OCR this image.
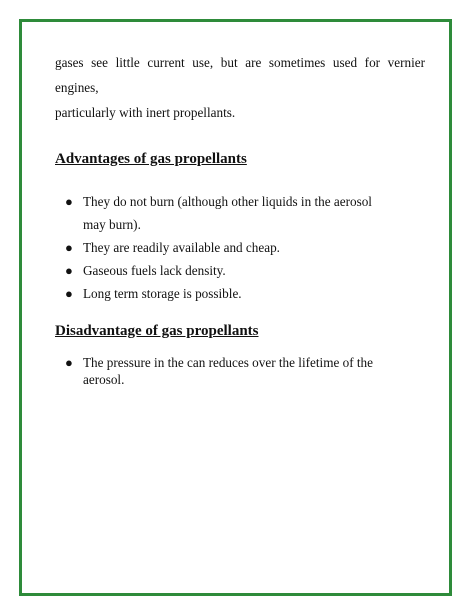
gases see little current use, but are sometimes used for vernier engines,
particularly with inert propellants.

Advantages of gas propellants
● They do not burn (although other liquids in the aerosol
may burn).
● They are readily available and cheap.
● Gaseous fuels lack density.
● Long term storage is possible.
Disadvantage of gas propellants
● The pressure in the can reduces over the lifetime of the
aerosol.
